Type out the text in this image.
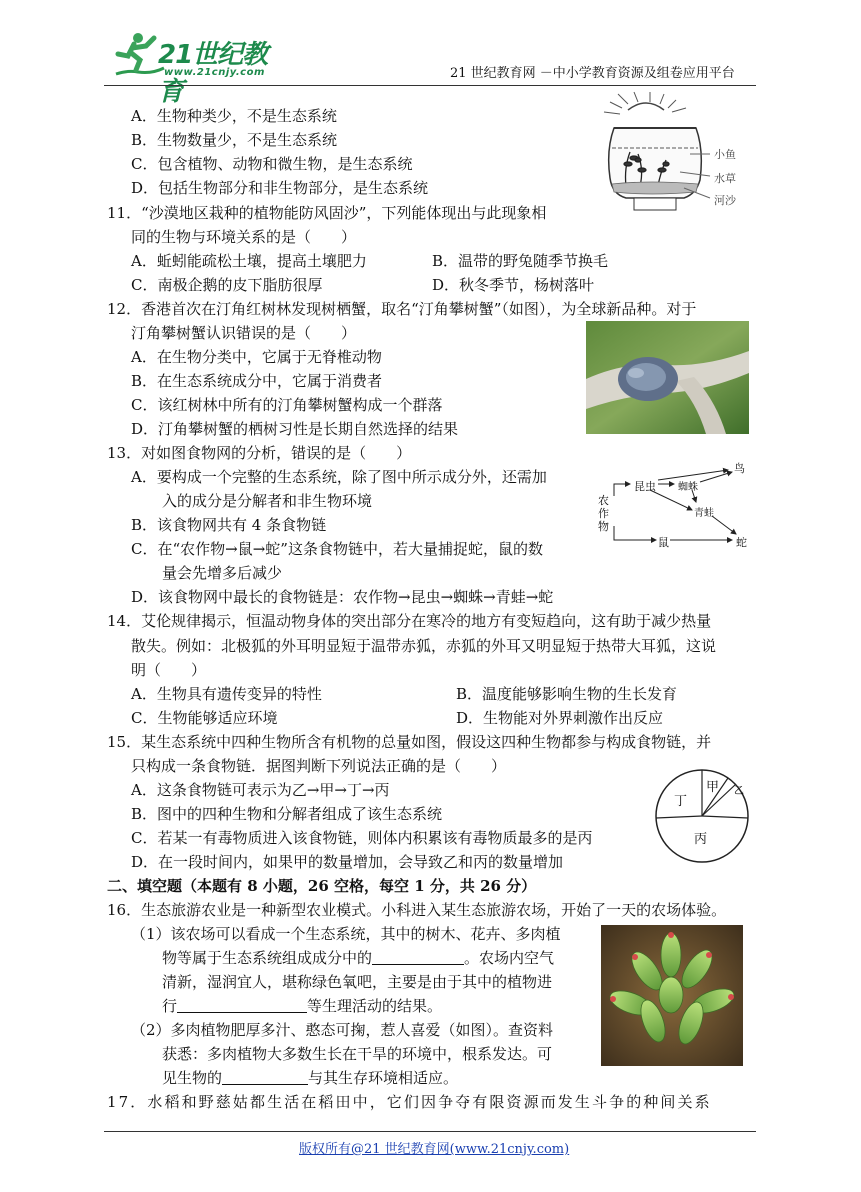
21世纪教育
www.21cnjy.com	21 世纪教育网 －中小学教育资源及组卷应用平台
A．生物种类少，不是生态系统
B．生物数量少，不是生态系统
C．包含植物、动物和微生物，是生态系统
D．包括生物部分和非生物部分，是生态系统
小鱼
水草
河沙
11．“沙漠地区栽种的植物能防风固沙”，下列能体现出与此现象相
同的生物与环境关系的是（　　）
A．蚯蚓能疏松土壤，提高土壤肥力	B．温带的野兔随季节换毛
C．南极企鹅的皮下脂肪很厚	D．秋冬季节，杨树落叶
12．香港首次在汀角红树林发现树栖蟹，取名“汀角攀树蟹”（如图），为全球新品种。对于
汀角攀树蟹认识错误的是（　　）
A．在生物分类中，它属于无脊椎动物
B．在生态系统成分中，它属于消费者
C．该红树林中所有的汀角攀树蟹构成一个群落
D．汀角攀树蟹的栖树习性是长期自然选择的结果
13．对如图食物网的分析，错误的是（　　）
A．要构成一个完整的生态系统，除了图中所示成分外，还需加
入的成分是分解者和非生物环境
B．该食物网共有 4 条食物链
C．在“农作物→鼠→蛇”这条食物链中，若大量捕捉蛇，鼠的数
量会先增多后减少
D．该食物网中最长的食物链是：农作物→昆虫→蜘蛛→青蛙→蛇
农
作
物
昆虫
鸟
蜘蛛
青蛙
鼠	蛇
14．艾伦规律揭示，恒温动物身体的突出部分在寒冷的地方有变短趋向，这有助于减少热量
散失。例如：北极狐的外耳明显短于温带赤狐，赤狐的外耳又明显短于热带大耳狐，这说
明（　　）
A．生物具有遗传变异的特性	B．温度能够影响生物的生长发育
C．生物能够适应环境	D．生物能对外界刺激作出反应
15．某生态系统中四种生物所含有机物的总量如图，假设这四种生物都参与构成食物链，并
只构成一条食物链．据图判断下列说法正确的是（　　）
A．这条食物链可表示为乙→甲→丁→丙
B．图中的四种生物和分解者组成了该生态系统
C．若某一有毒物质进入该食物链，则体内积累该有毒物质最多的是丙
D．在一段时间内，如果甲的数量增加，会导致乙和丙的数量增加
甲 乙
丁
丙
二、填空题（本题有 8 小题，26 空格，每空 1 分，共 26 分）
16．生态旅游农业是一种新型农业模式。小科进入某生态旅游农场，开始了一天的农场体验。
（1）该农场可以看成一个生态系统，其中的树木、花卉、多肉植
物等属于生态系统组成成分中的	。农场内空气
清新，湿润宜人，堪称绿色氧吧，主要是由于其中的植物进
行	等生理活动的结果。
（2）多肉植物肥厚多汁、憨态可掬，惹人喜爱（如图）。查资料
获悉：多肉植物大多数生长在干旱的环境中，根系发达。可
见生物的	与其生存环境相适应。
17．水稻和野慈姑都生活在稻田中，它们因争夺有限资源而发生斗争的种间关系
版权所有@21 世纪教育网(www.21cnjy.com)
